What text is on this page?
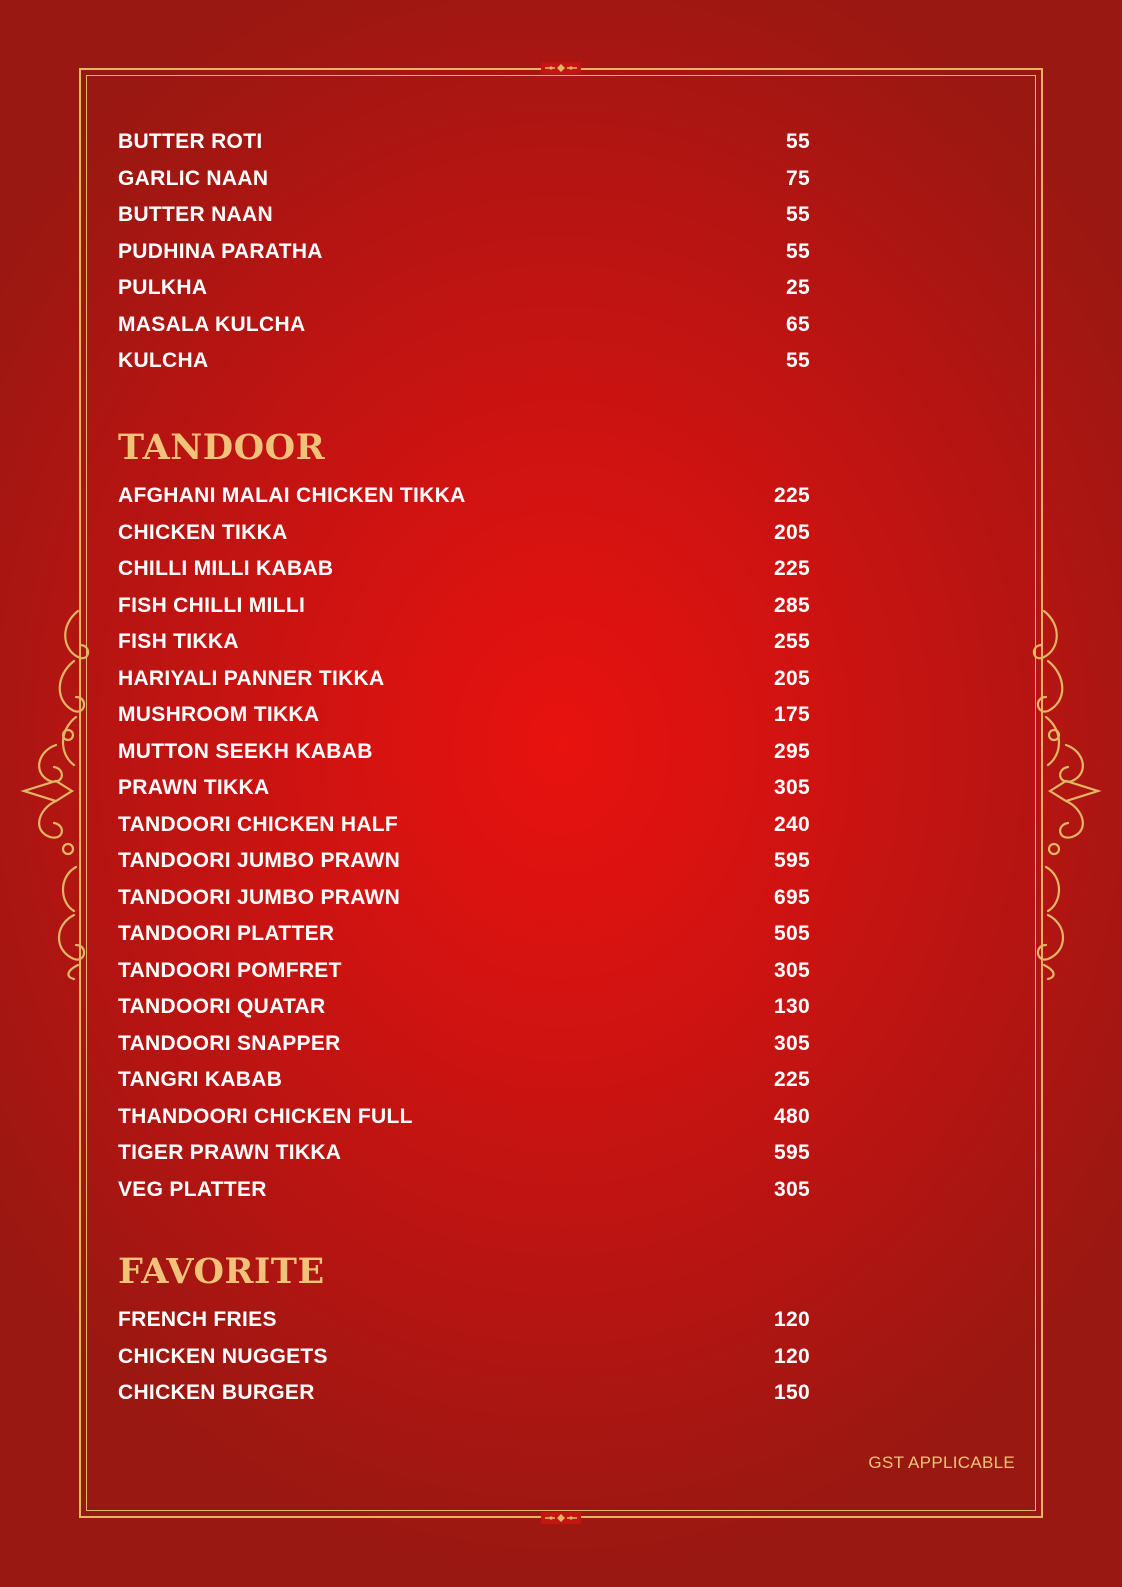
BUTTER ROTI	55
GARLIC NAAN	75
BUTTER NAAN	55
PUDHINA PARATHA	55
PULKHA	25
MASALA KULCHA	65
KULCHA	55
TANDOOR
AFGHANI MALAI CHICKEN TIKKA	225
CHICKEN TIKKA	205
CHILLI MILLI KABAB	225
FISH CHILLI MILLI	285
FISH TIKKA	255
HARIYALI PANNER TIKKA	205
MUSHROOM TIKKA	175
MUTTON SEEKH KABAB	295
PRAWN TIKKA	305
TANDOORI CHICKEN HALF	240
TANDOORI JUMBO PRAWN	595
TANDOORI JUMBO PRAWN	695
TANDOORI PLATTER	505
TANDOORI POMFRET	305
TANDOORI QUATAR	130
TANDOORI SNAPPER	305
TANGRI KABAB	225
THANDOORI CHICKEN FULL	480
TIGER PRAWN TIKKA	595
VEG PLATTER	305
FAVORITE
FRENCH FRIES	120
CHICKEN NUGGETS	120
CHICKEN BURGER	150
GST APPLICABLE
